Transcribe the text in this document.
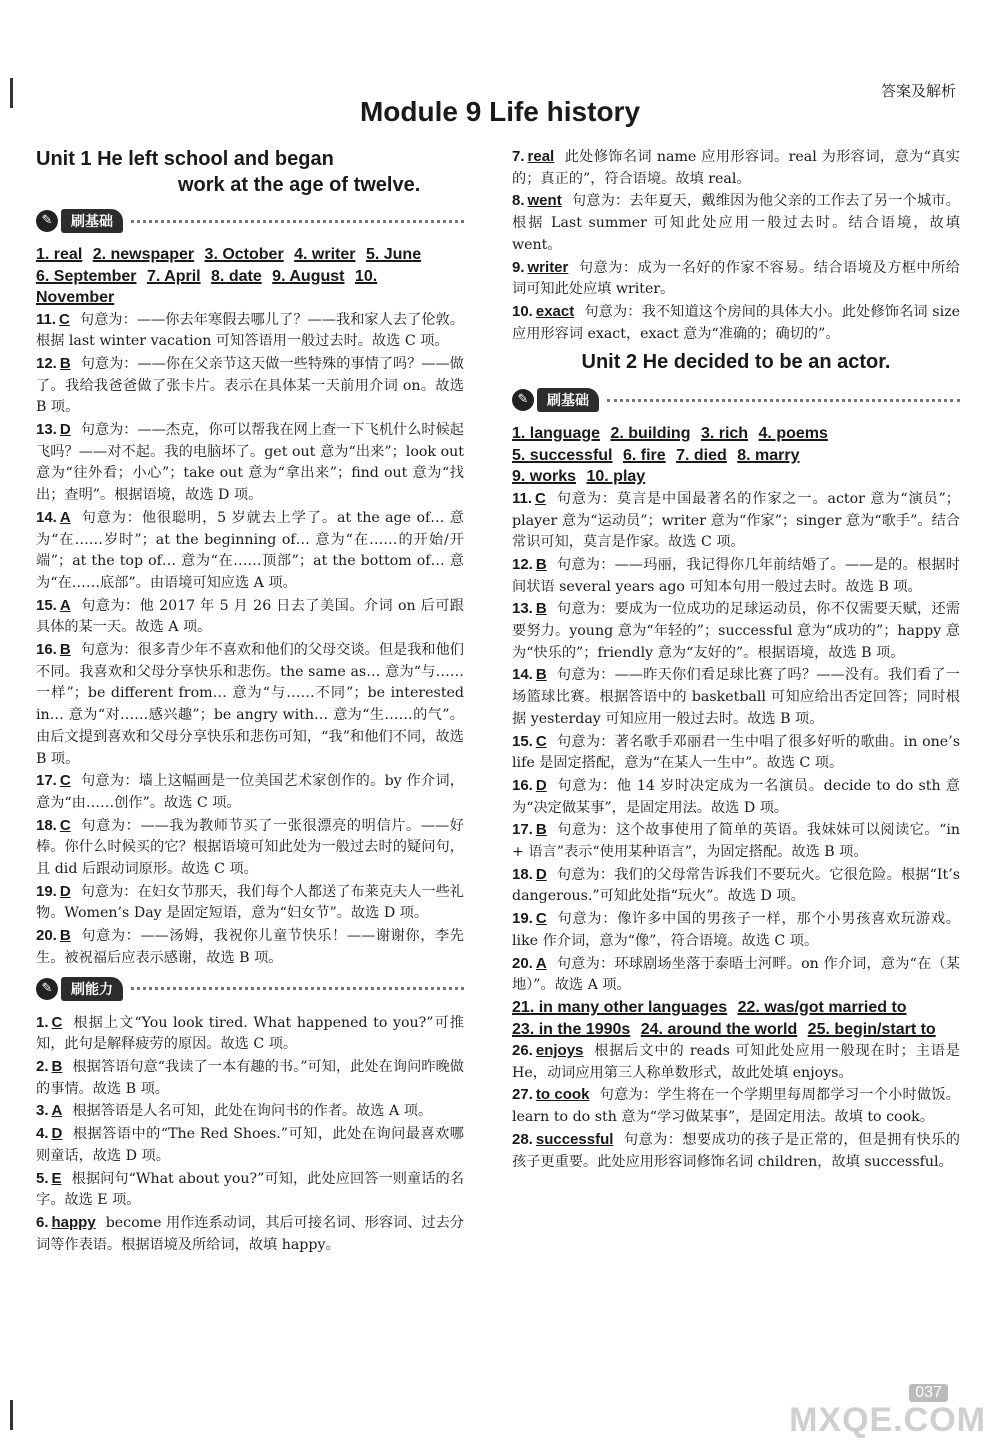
答案及解析
Module 9 Life history
Unit 1 He left school and began
work at the age of twelve.
✎	刷基础

1. real 2. newspaper 3. October 4. writer 5. June

6. September 7. April 8. date 9. August 10. November

11. C 句意为：——你去年寒假去哪儿了？——我和家人去了伦敦。根据 last winter vacation 可知答语用一般过去时。故选 C 项。

12. B 句意为：——你在父亲节这天做一些特殊的事情了吗？——做了。我给我爸爸做了张卡片。表示在具体某一天前用介词 on。故选 B 项。

13. D 句意为：——杰克，你可以帮我在网上查一下飞机什么时候起飞吗？——对不起。我的电脑坏了。get out 意为“出来”；look out 意为“往外看；小心”；take out 意为“拿出来”；find out 意为“找出；查明”。根据语境，故选 D 项。

14. A 句意为：他很聪明，5 岁就去上学了。at the age of… 意为“在……岁时”；at the beginning of… 意为“在……的开始/开端”；at the top of… 意为“在……顶部”；at the bottom of… 意为“在……底部”。由语境可知应选 A 项。

15. A 句意为：他 2017 年 5 月 26 日去了美国。介词 on 后可跟具体的某一天。故选 A 项。

16. B 句意为：很多青少年不喜欢和他们的父母交谈。但是我和他们不同。我喜欢和父母分享快乐和悲伤。the same as… 意为“与……一样”；be different from… 意为“与……不同”；be interested in… 意为“对……感兴趣”；be angry with… 意为“生……的气”。由后文提到喜欢和父母分享快乐和悲伤可知，“我”和他们不同，故选 B 项。

17. C 句意为：墙上这幅画是一位美国艺术家创作的。by 作介词，意为“由……创作”。故选 C 项。

18. C 句意为：——我为教师节买了一张很漂亮的明信片。——好棒。你什么时候买的它？根据语境可知此处为一般过去时的疑问句，且 did 后跟动词原形。故选 C 项。

19. D 句意为：在妇女节那天，我们每个人都送了布莱克夫人一些礼物。Women’s Day 是固定短语，意为“妇女节”。故选 D 项。

20. B 句意为：——汤姆，我祝你儿童节快乐！——谢谢你，李先生。被祝福后应表示感谢，故选 B 项。

✎	刷能力

1. C 根据上文“You look tired. What happened to you?”可推知，此句是解释疲劳的原因。故选 C 项。

2. B 根据答语句意“我读了一本有趣的书。”可知，此处在询问昨晚做的事情。故选 B 项。

3. A 根据答语是人名可知，此处在询问书的作者。故选 A 项。

4. D 根据答语中的“The Red Shoes.”可知，此处在询问最喜欢哪则童话，故选 D 项。

5. E 根据问句“What about you?”可知，此处应回答一则童话的名字。故选 E 项。

6. happy become 用作连系动词，其后可接名词、形容词、过去分词等作表语。根据语境及所给词，故填 happy。

7. real 此处修饰名词 name 应用形容词。real 为形容词，意为“真实的；真正的”，符合语境。故填 real。

8. went 句意为：去年夏天，戴维因为他父亲的工作去了另一个城市。根据 Last summer 可知此处应用一般过去时。结合语境，故填 went。

9. writer 句意为：成为一名好的作家不容易。结合语境及方框中所给词可知此处应填 writer。

10. exact 句意为：我不知道这个房间的具体大小。此处修饰名词 size 应用形容词 exact，exact 意为“准确的；确切的”。

Unit 2 He decided to be an actor.
✎	刷基础

1. language 2. building 3. rich 4. poems

5. successful 6. fire 7. died 8. marry

9. works 10. play

11. C 句意为：莫言是中国最著名的作家之一。actor 意为“演员”；player 意为“运动员”；writer 意为“作家”；singer 意为“歌手”。结合常识可知，莫言是作家。故选 C 项。

12. B 句意为：——玛丽，我记得你几年前结婚了。——是的。根据时间状语 several years ago 可知本句用一般过去时。故选 B 项。

13. B 句意为：要成为一位成功的足球运动员，你不仅需要天赋，还需要努力。young 意为“年轻的”；successful 意为“成功的”；happy 意为“快乐的”；friendly 意为“友好的”。根据语境，故选 B 项。

14. B 句意为：——昨天你们看足球比赛了吗？——没有。我们看了一场篮球比赛。根据答语中的 basketball 可知应给出否定回答；同时根据 yesterday 可知应用一般过去时。故选 B 项。

15. C 句意为：著名歌手邓丽君一生中唱了很多好听的歌曲。in one’s life 是固定搭配，意为“在某人一生中”。故选 C 项。

16. D 句意为：他 14 岁时决定成为一名演员。decide to do sth 意为“决定做某事”，是固定用法。故选 D 项。

17. B 句意为：这个故事使用了简单的英语。我妹妹可以阅读它。“in + 语言”表示“使用某种语言”，为固定搭配。故选 B 项。

18. D 句意为：我们的父母常告诉我们不要玩火。它很危险。根据“It’s dangerous.”可知此处指“玩火”。故选 D 项。

19. C 句意为：像许多中国的男孩子一样，那个小男孩喜欢玩游戏。like 作介词，意为“像”，符合语境。故选 C 项。

20. A 句意为：环球剧场坐落于泰晤士河畔。on 作介词，意为“在（某地）”。故选 A 项。

21. in many other languages 22. was/got married to

23. in the 1990s 24. around the world 25. begin/start to

26. enjoys 根据后文中的 reads 可知此处应用一般现在时；主语是 He，动词应用第三人称单数形式，故此处填 enjoys。

27. to cook 句意为：学生将在一个学期里每周都学习一个小时做饭。learn to do sth 意为“学习做某事”，是固定用法。故填 to cook。

28. successful 句意为：想要成功的孩子是正常的，但是拥有快乐的孩子更重要。此处应用形容词修饰名词 children，故填 successful。

037
MXQE.COM
